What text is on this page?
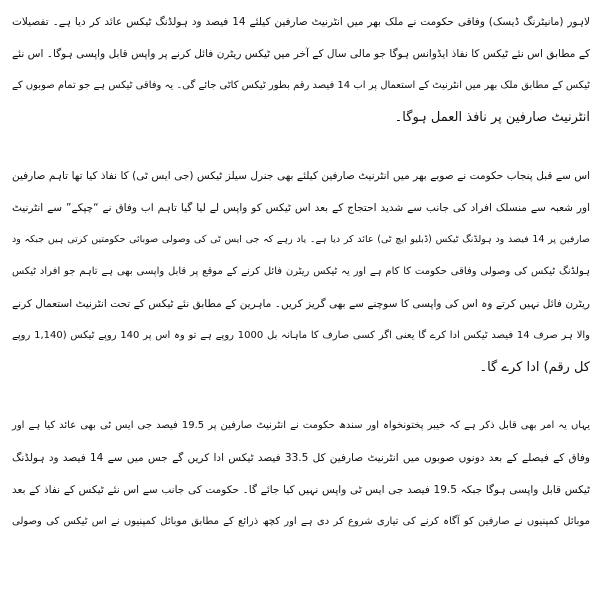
لاہور (مانیٹرنگ ڈیسک) وفاقی حکومت نے ملک بھر میں انٹرنیٹ صارفین کیلئے 14 فیصد ود ہولڈنگ ٹیکس عائد کر دیا ہے۔ تفصیلات
کے مطابق اس نئے ٹیکس کا نفاذ ایڈوانس ہوگا جو مالی سال کے آخر میں ٹیکس ریٹرن فائل کرنے پر واپس قابل واپسی ہوگا۔ اس نئے
ٹیکس کے مطابق ملک بھر میں انٹرنیٹ کے استعمال پر اب 14 فیصد رقم بطور ٹیکس کاٹی جائے گی۔ یہ وفاقی ٹیکس ہے جو تمام صوبوں کے
انٹرنیٹ صارفین پر نافذ العمل ہوگا۔

اس سے قبل پنجاب حکومت نے صوبے بھر میں انٹرنیٹ صارفین کیلئے بھی جنرل سیلز ٹیکس (جی ایس ٹی) کا نفاذ کیا تھا تاہم صارفین
اور شعبہ سے منسلک افراد کی جانب سے شدید احتجاج کے بعد اس ٹیکس کو واپس لے لیا گیا تاہم اب وفاق نے “چپکے” سے انٹرنیٹ
صارفین پر 14 فیصد ود ہولڈنگ ٹیکس (ڈبلیو ایچ ٹی) عائد کر دیا ہے۔ یاد رہے کہ جی ایس ٹی کی وصولی صوبائی حکومتیں کرتی ہیں جبکہ ود
ہولڈنگ ٹیکس کی وصولی وفاقی حکومت کا کام ہے اور یہ ٹیکس ریٹرن فائل کرنے کے موقع پر قابل واپسی بھی ہے تاہم جو افراد ٹیکس
ریٹرن فائل نہیں کرتے وہ اس کی واپسی کا سوچنے سے بھی گریز کریں۔ ماہرین کے مطابق نئے ٹیکس کے تحت انٹرنیٹ استعمال کرنے
والا ہر صرف 14 فیصد ٹیکس ادا کرے گا یعنی اگر کسی صارف کا ماہانہ بل 1000 روپے ہے تو وہ اس پر 140 روپے ٹیکس (1,140 روپے
کل رقم) ادا کرے گا۔

یہاں یہ امر بھی قابل ذکر ہے کہ خیبر پختونخواہ اور سندھ حکومت نے انٹرنیٹ صارفین پر 19.5 فیصد جی ایس ٹی بھی عائد کیا ہے اور
وفاق کے فیصلے کے بعد دونوں صوبوں میں انٹرنیٹ صارفین کل 33.5 فیصد ٹیکس ادا کریں گے جس میں سے 14 فیصد ود ہولڈنگ
ٹیکس قابل واپسی ہوگا جبکہ 19.5 فیصد جی ایس ٹی واپس نہیں کیا جائے گا۔ حکومت کی جانب سے اس نئے ٹیکس کے نفاذ کے بعد
موبائل کمپنیوں نے صارفین کو آگاہ کرنے کی تیاری شروع کر دی ہے اور کچھ ذرائع کے مطابق موبائل کمپنیوں نے اس ٹیکس کی وصولی
